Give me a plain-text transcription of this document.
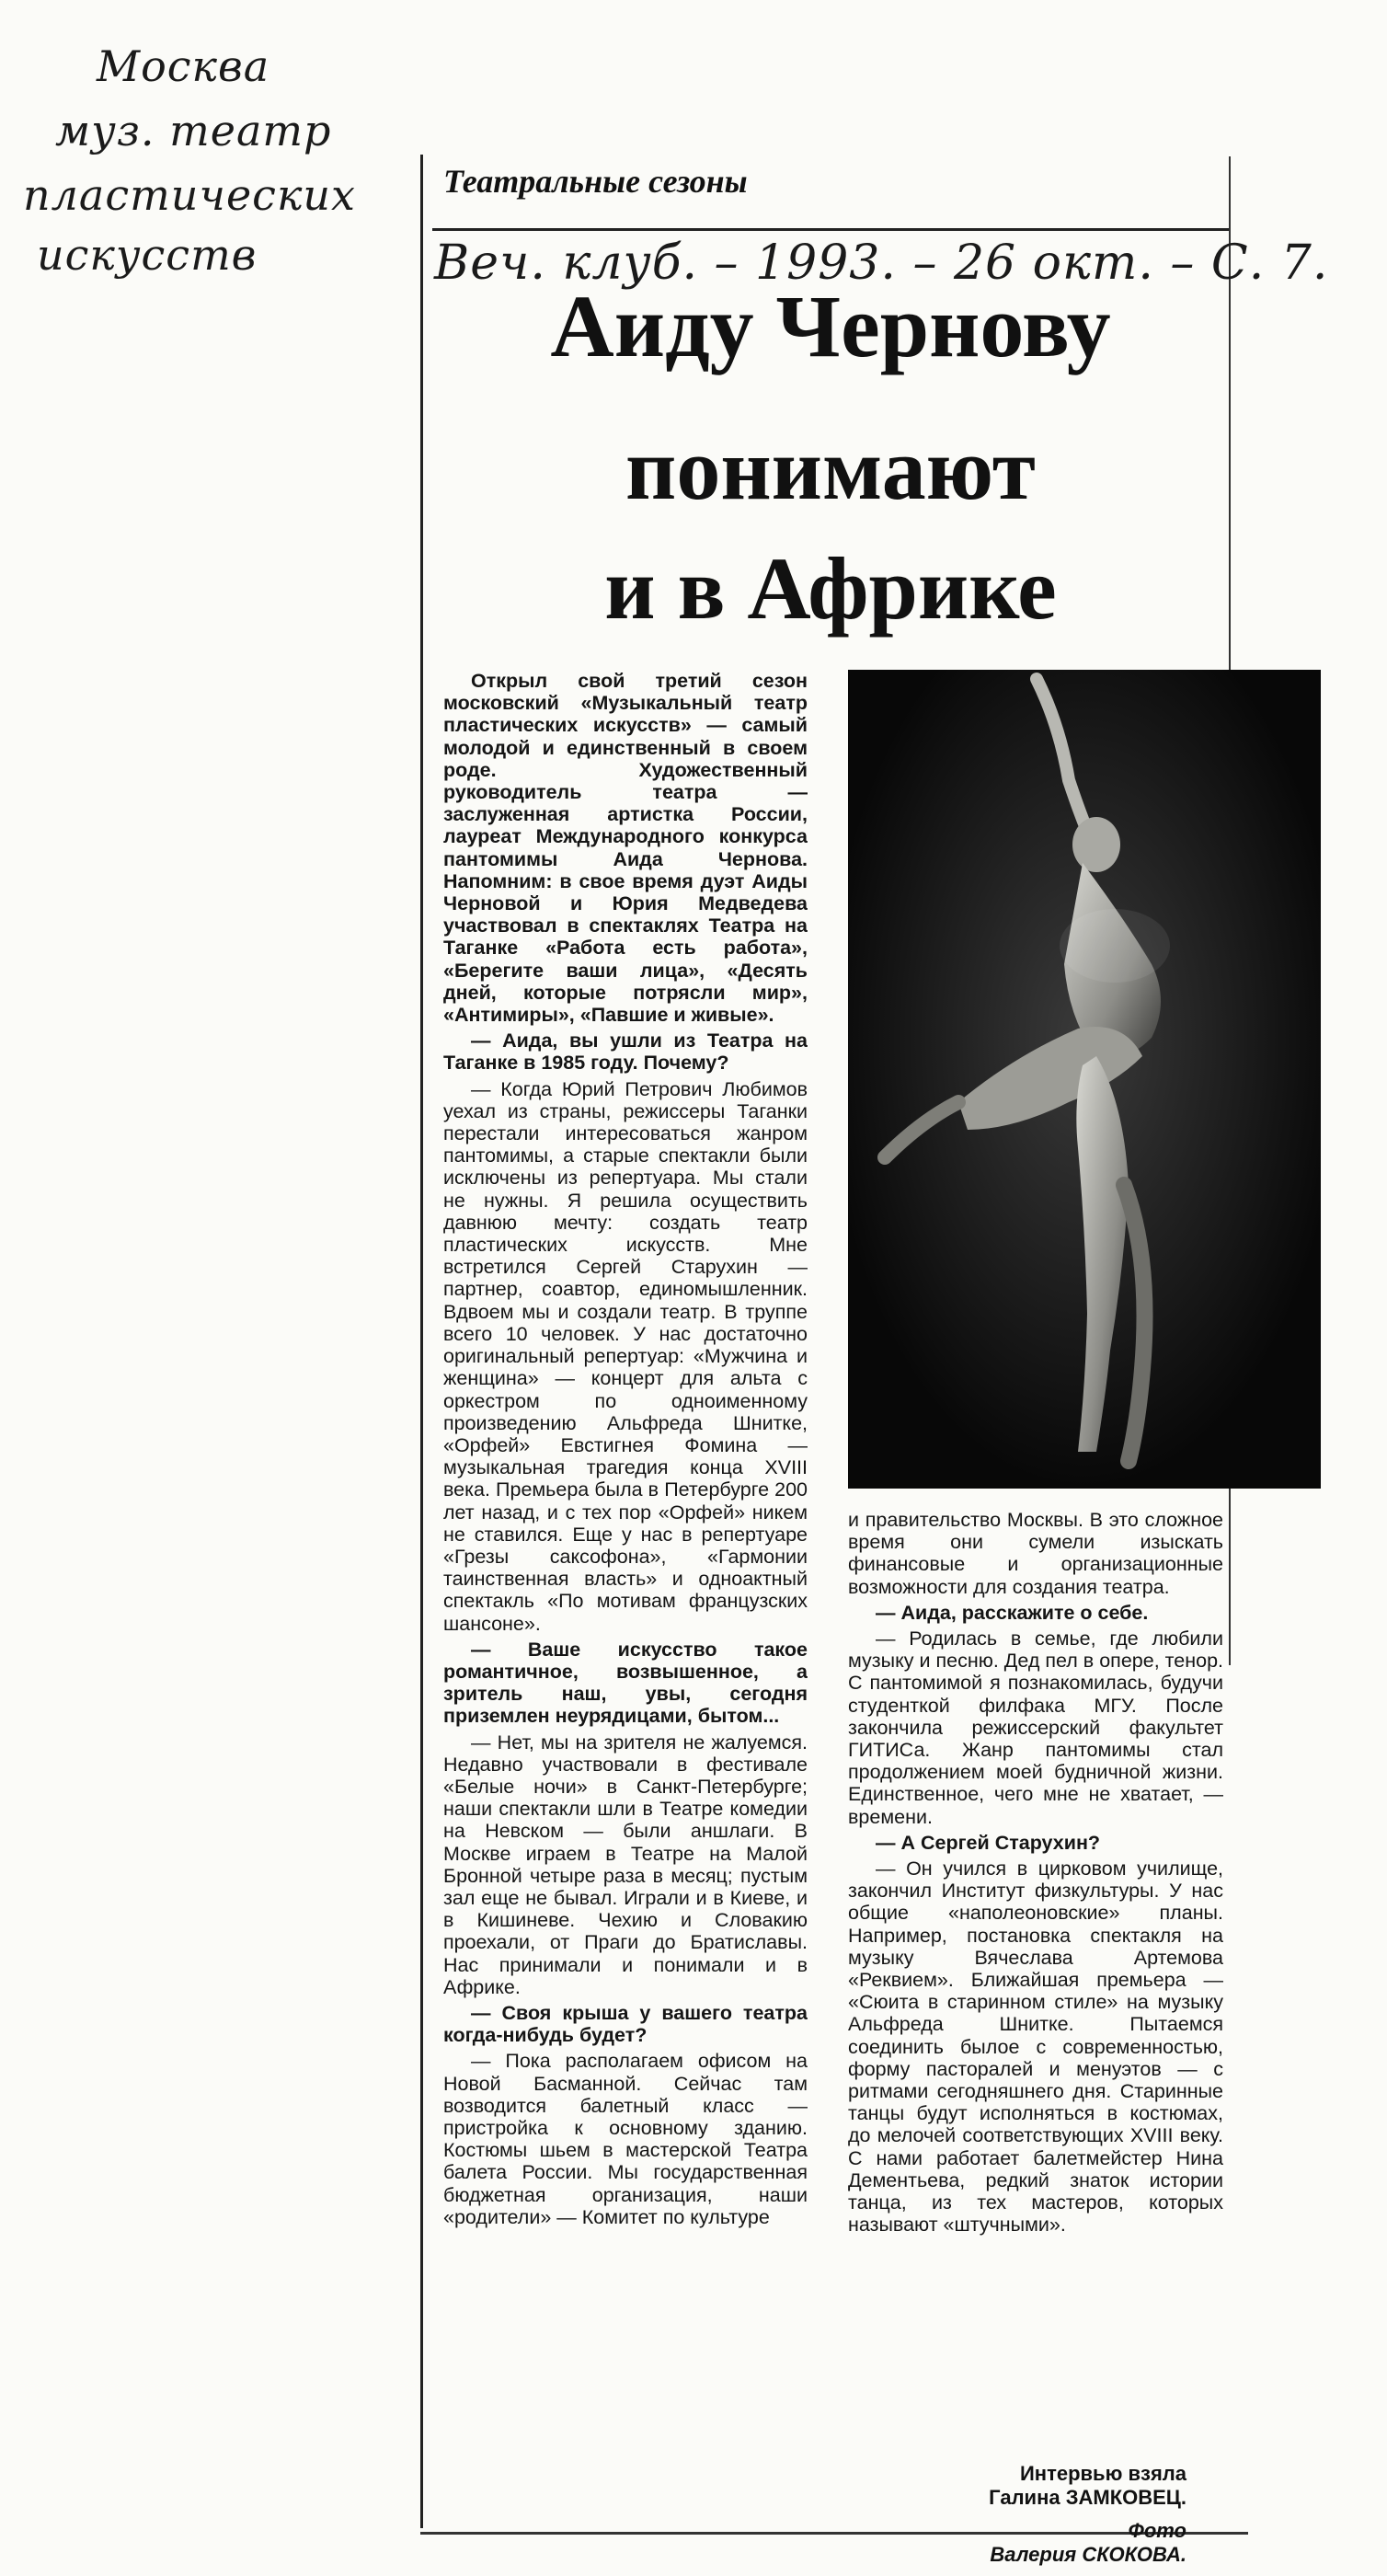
Москва
муз. театр
пластических
искусств
Театральные сезоны
Веч. клуб. – 1993. – 26 окт. – С. 7.
Аиду Чернову
понимают
и в Африке

Открыл свой третий сезон московский «Музыкальный театр пластических искусств» — самый молодой и единственный в своем роде. Художественный руководитель театра — заслуженная артистка России, лауреат Международного конкурса пантомимы Аида Чернова. Напомним: в свое время дуэт Аиды Черновой и Юрия Медведева участвовал в спектаклях Театра на Таганке «Работа есть работа», «Берегите ваши лица», «Десять дней, которые потрясли мир», «Антимиры», «Павшие и живые».

— Аида, вы ушли из Театра на Таганке в 1985 году. Почему?

— Когда Юрий Петрович Любимов уехал из страны, режиссеры Таганки перестали интересоваться жанром пантомимы, а старые спектакли были исключены из репертуара. Мы стали не нужны. Я решила осуществить давнюю мечту: создать театр пластических искусств. Мне встретился Сергей Старухин — партнер, соавтор, единомышленник. Вдвоем мы и создали театр. В труппе всего 10 человек. У нас достаточно оригинальный репертуар: «Мужчина и женщина» — концерт для альта с оркестром по одноименному произведению Альфреда Шнитке, «Орфей» Евстигнея Фомина — музыкальная трагедия конца XVIII века. Премьера была в Петербурге 200 лет назад, и с тех пор «Орфей» никем не ставился. Еще у нас в репертуаре «Грезы саксофона», «Гармонии таинственная власть» и одноактный спектакль «По мотивам французских шансоне».

— Ваше искусство такое романтичное, возвышенное, а зритель наш, увы, сегодня приземлен неурядицами, бытом...

— Нет, мы на зрителя не жалуемся. Недавно участвовали в фестивале «Белые ночи» в Санкт-Петербурге; наши спектакли шли в Театре комедии на Невском — были аншлаги. В Москве играем в Театре на Малой Бронной четыре раза в месяц; пустым зал еще не бывал. Играли и в Киеве, и в Кишиневе. Чехию и Словакию проехали, от Праги до Братиславы. Нас принимали и понимали и в Африке.

— Своя крыша у вашего театра когда-нибудь будет?

— Пока располагаем офисом на Новой Басманной. Сейчас там возводится балетный класс — пристройка к основному зданию. Костюмы шьем в мастерской Театра балета России. Мы государственная бюджетная организация, наши «родители» — Комитет по культуре

и правительство Москвы. В это сложное время они сумели изыскать финансовые и организационные возможности для создания театра.

— Аида, расскажите о себе.

— Родилась в семье, где любили музыку и песню. Дед пел в опере, тенор. С пантомимой я познакомилась, будучи студенткой филфака МГУ. После закончила режиссерский факультет ГИТИСа. Жанр пантомимы стал продолжением моей будничной жизни. Единственное, чего мне не хватает, — времени.

— А Сергей Старухин?

— Он учился в цирковом училище, закончил Институт физкультуры. У нас общие «наполеоновские» планы. Например, постановка спектакля на музыку Вячеслава Артемова «Реквием». Ближайшая премьера — «Сюита в старинном стиле» на музыку Альфреда Шнитке. Пытаемся соединить былое с современностью, форму пасторалей и менуэтов — с ритмами сегодняшнего дня. Старинные танцы будут исполняться в костюмах, до мелочей соответствующих XVIII веку. С нами работает балетмейстер Нина Дементьева, редкий знаток истории танца, из тех мастеров, которых называют «штучными».

Интервью взяла
Галина ЗАМКОВЕЦ.
Фото
Валерия СКОКОВА.
